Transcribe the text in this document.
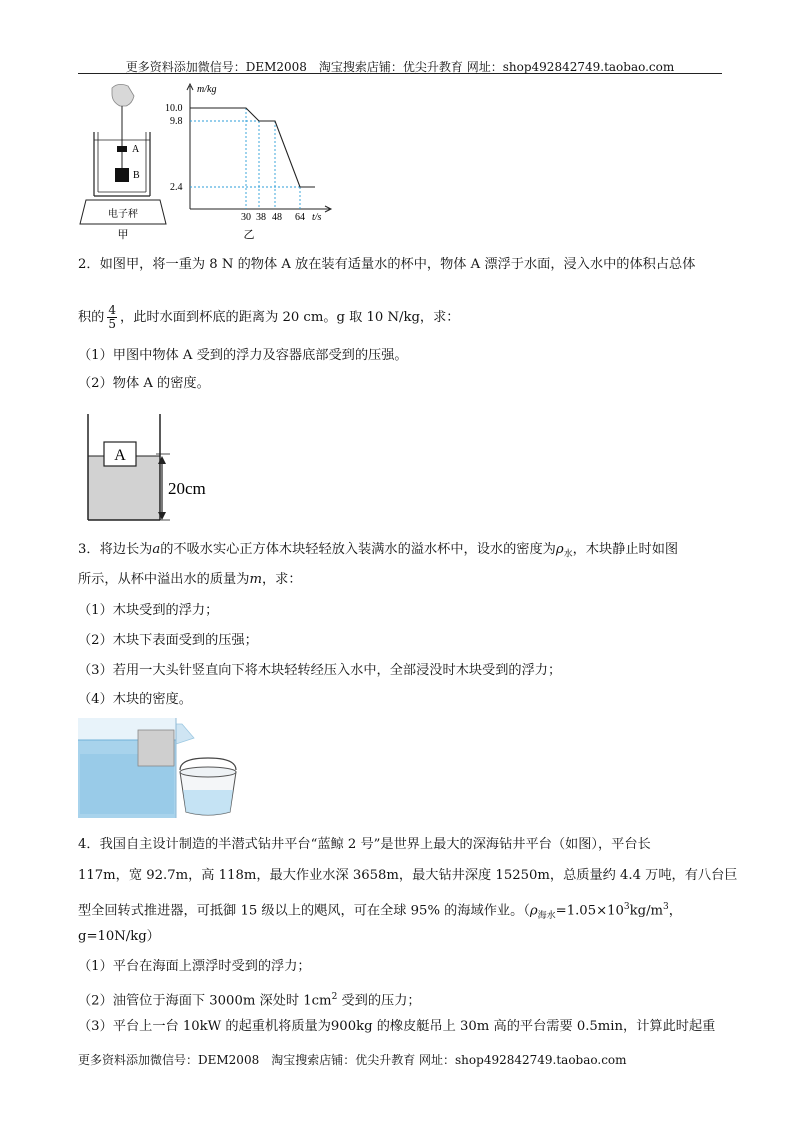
更多资料添加微信号：DEM2008　淘宝搜索店铺：优尖升教育 网址：shop492842749.taobao.com
A
B
电子秤
甲
m/kg
t/s
10.0
9.8
2.4
30 38 48 64
乙
2．如图甲，将一重为 8 N 的物体 A 放在装有适量水的杯中，物体 A 漂浮于水面，浸入水中的体积占总体
积的 $\frac{4}{5}$ ，此时水面到杯底的距离为 20 cm。g 取 10 N/kg，求：
（1）甲图中物体 A 受到的浮力及容器底部受到的压强。
（2）物体 A 的密度。
A
20cm
3．将边长为a的不吸水实心正方体木块轻轻放入装满水的溢水杯中，设水的密度为$\rho_水$，木块静止时如图
所示，从杯中溢出水的质量为m，求：
（1）木块受到的浮力；
（2）木块下表面受到的压强；
（3）若用一大头针竖直向下将木块轻转经压入水中，全部浸没时木块受到的浮力；
（4）木块的密度。
4．我国自主设计制造的半潜式钻井平台“蓝鲸 2 号”是世界上最大的深海钻井平台（如图），平台长
117m，宽 92.7m，高 118m，最大作业水深 3658m，最大钻井深度 15250m，总质量约 4.4 万吨，有八台巨
型全回转式推进器，可抵御 15 级以上的飓风，可在全球 95% 的海域作业。（$\rho_{海水}=1.05\times 10^3kg/m^3$，
g=10N/kg）
（1）平台在海面上漂浮时受到的浮力；
（2）油管位于海面下 3000m 深处时 $1cm^2$ 受到的压力；
（3）平台上一台 10kW 的起重机将质量为900kg 的橡皮艇吊上 30m 高的平台需要 0.5min，计算此时起重
更多资料添加微信号：DEM2008　淘宝搜索店铺：优尖升教育 网址：shop492842749.taobao.com
